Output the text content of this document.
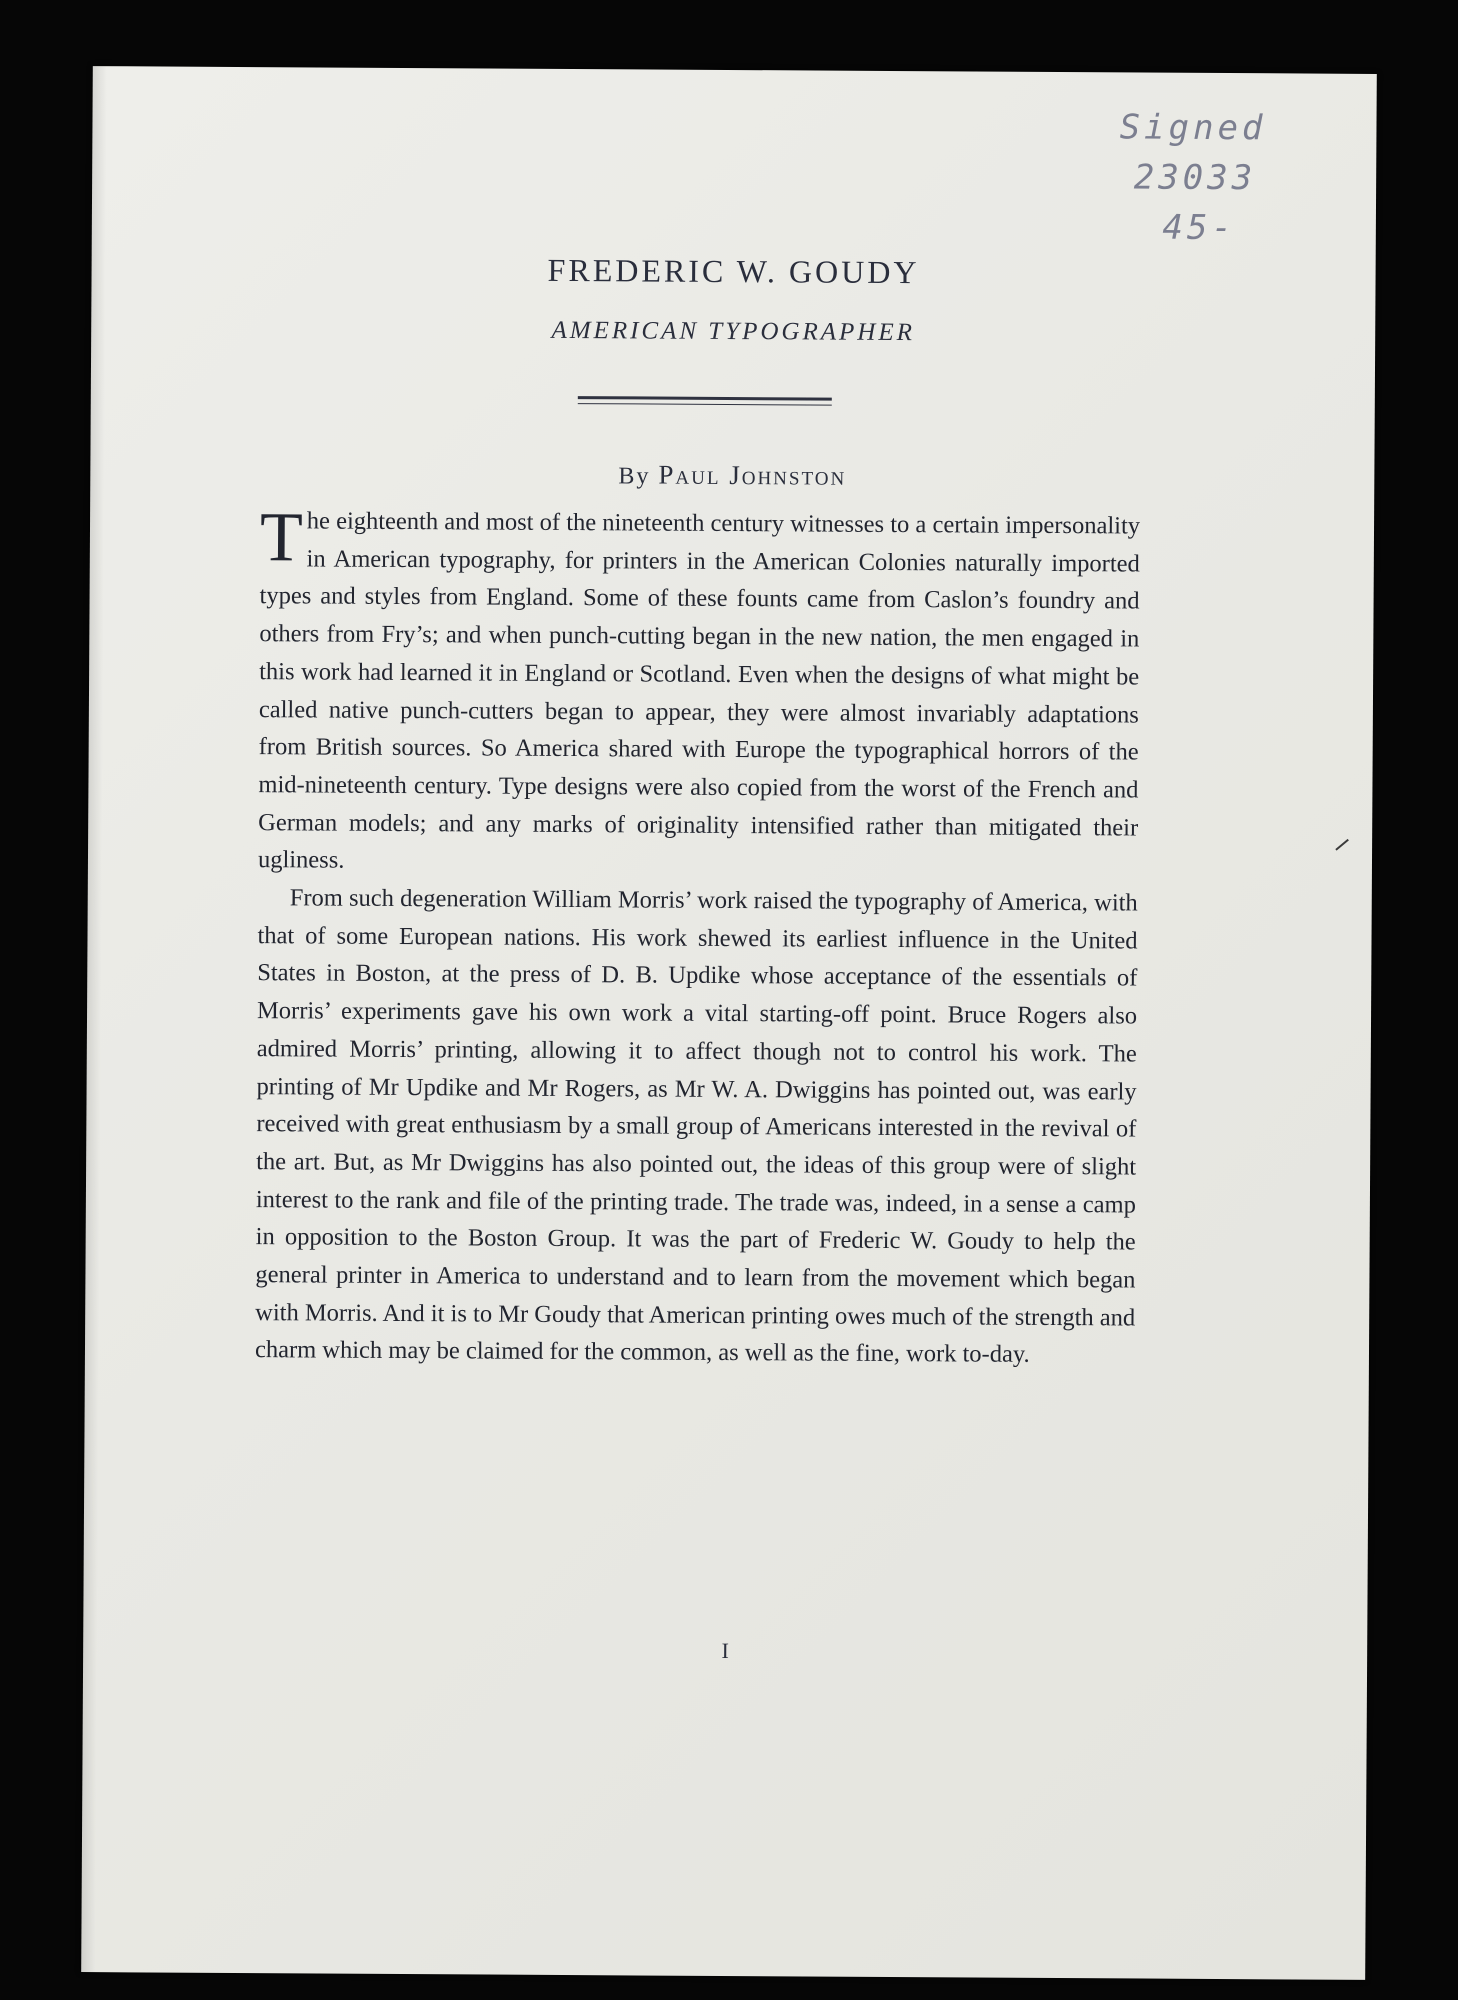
Signed
23033
45-
FREDERIC W. GOUDY
AMERICAN TYPOGRAPHER
By Paul Johnston

The eighteenth and most of the nineteenth century witnesses to a certain impersonality in American typography, for printers in the American Colonies naturally imported types and styles from England. Some of these founts came from Caslon’s foundry and others from Fry’s; and when punch-cutting began in the new nation, the men engaged in this work had learned it in England or Scotland. Even when the designs of what might be called native punch-cutters began to appear, they were almost invariably adaptations from British sources. So America shared with Europe the typographical horrors of the mid-nineteenth century. Type designs were also copied from the worst of the French and German models; and any marks of originality intensified rather than mitigated their ugliness.

From such degeneration William Morris’ work raised the typography of America, with that of some European nations. His work shewed its earliest influence in the United States in Boston, at the press of D. B. Updike whose acceptance of the essentials of Morris’ experiments gave his own work a vital starting-off point. Bruce Rogers also admired Morris’ printing, allowing it to affect though not to control his work. The printing of Mr Updike and Mr Rogers, as Mr W. A. Dwiggins has pointed out, was early received with great enthusiasm by a small group of Americans interested in the revival of the art. But, as Mr Dwiggins has also pointed out, the ideas of this group were of slight interest to the rank and file of the printing trade. The trade was, indeed, in a sense a camp in opposition to the Boston Group. It was the part of Frederic W. Goudy to help the general printer in America to understand and to learn from the movement which began with Morris. And it is to Mr Goudy that American printing owes much of the strength and charm which may be claimed for the common, as well as the fine, work to-day.

I
